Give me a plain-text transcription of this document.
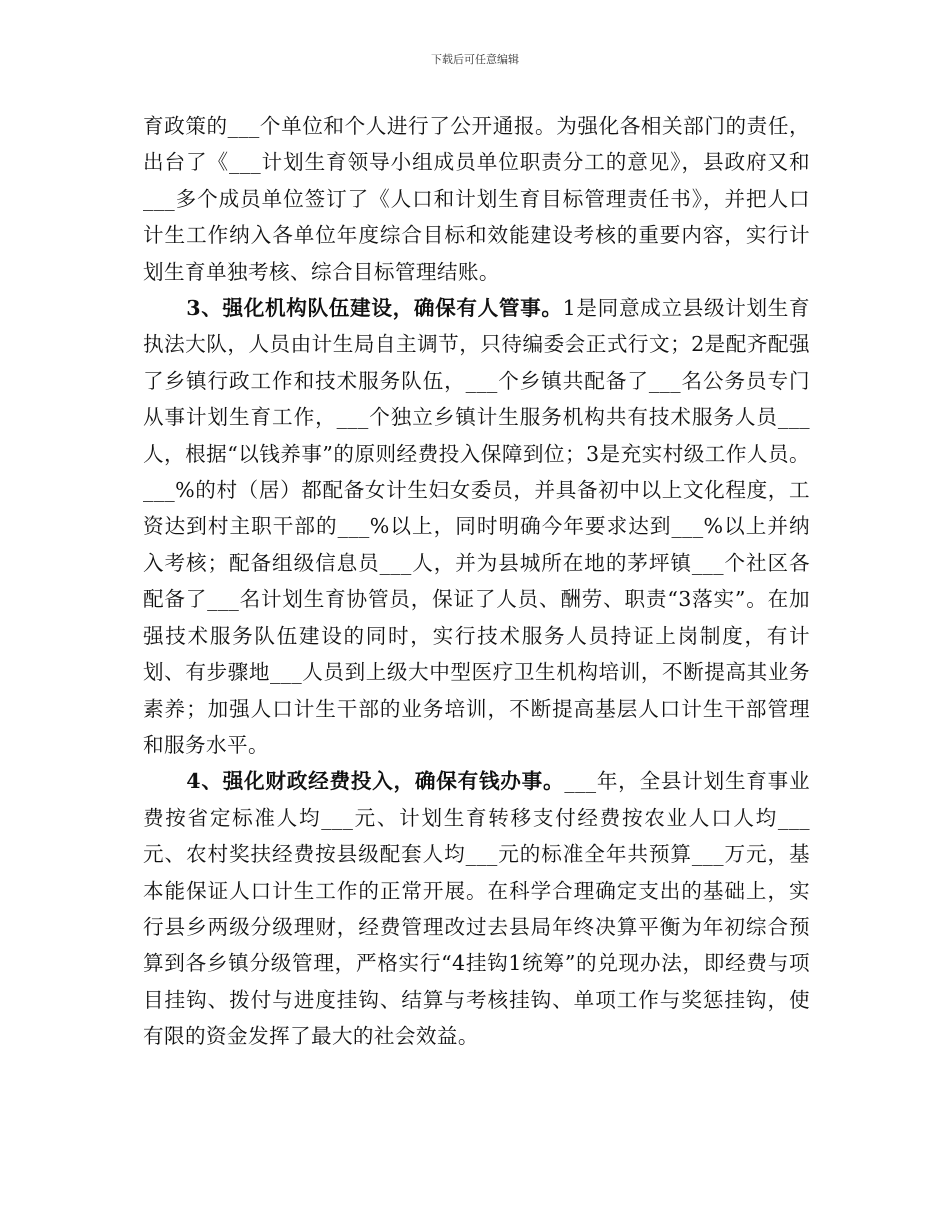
下载后可任意编辑

育政策的___个单位和个人进行了公开通报。为强化各相关部门的责任，出台了《___计划生育领导小组成员单位职责分工的意见》，县政府又和___多个成员单位签订了《人口和计划生育目标管理责任书》，并把人口计生工作纳入各单位年度综合目标和效能建设考核的重要内容，实行计划生育单独考核、综合目标管理结账。

3、强化机构队伍建设，确保有人管事。1是同意成立县级计划生育执法大队，人员由计生局自主调节，只待编委会正式行文；2是配齐配强了乡镇行政工作和技术服务队伍，___个乡镇共配备了___名公务员专门从事计划生育工作，___个独立乡镇计生服务机构共有技术服务人员___人，根据“以钱养事”的原则经费投入保障到位；3是充实村级工作人员。___%的村（居）都配备女计生妇女委员，并具备初中以上文化程度，工资达到村主职干部的___%以上，同时明确今年要求达到___%以上并纳入考核；配备组级信息员___人，并为县城所在地的茅坪镇___个社区各配备了___名计划生育协管员，保证了人员、酬劳、职责“3落实”。在加强技术服务队伍建设的同时，实行技术服务人员持证上岗制度，有计划、有步骤地___人员到上级大中型医疗卫生机构培训，不断提高其业务素养；加强人口计生干部的业务培训，不断提高基层人口计生干部管理和服务水平。

4、强化财政经费投入，确保有钱办事。___年，全县计划生育事业费按省定标准人均___元、计划生育转移支付经费按农业人口人均___元、农村奖扶经费按县级配套人均___元的标准全年共预算___万元，基本能保证人口计生工作的正常开展。在科学合理确定支出的基础上，实行县乡两级分级理财，经费管理改过去县局年终决算平衡为年初综合预算到各乡镇分级管理，严格实行“4挂钩1统筹”的兑现办法，即经费与项目挂钩、拨付与进度挂钩、结算与考核挂钩、单项工作与奖惩挂钩，使有限的资金发挥了最大的社会效益。
